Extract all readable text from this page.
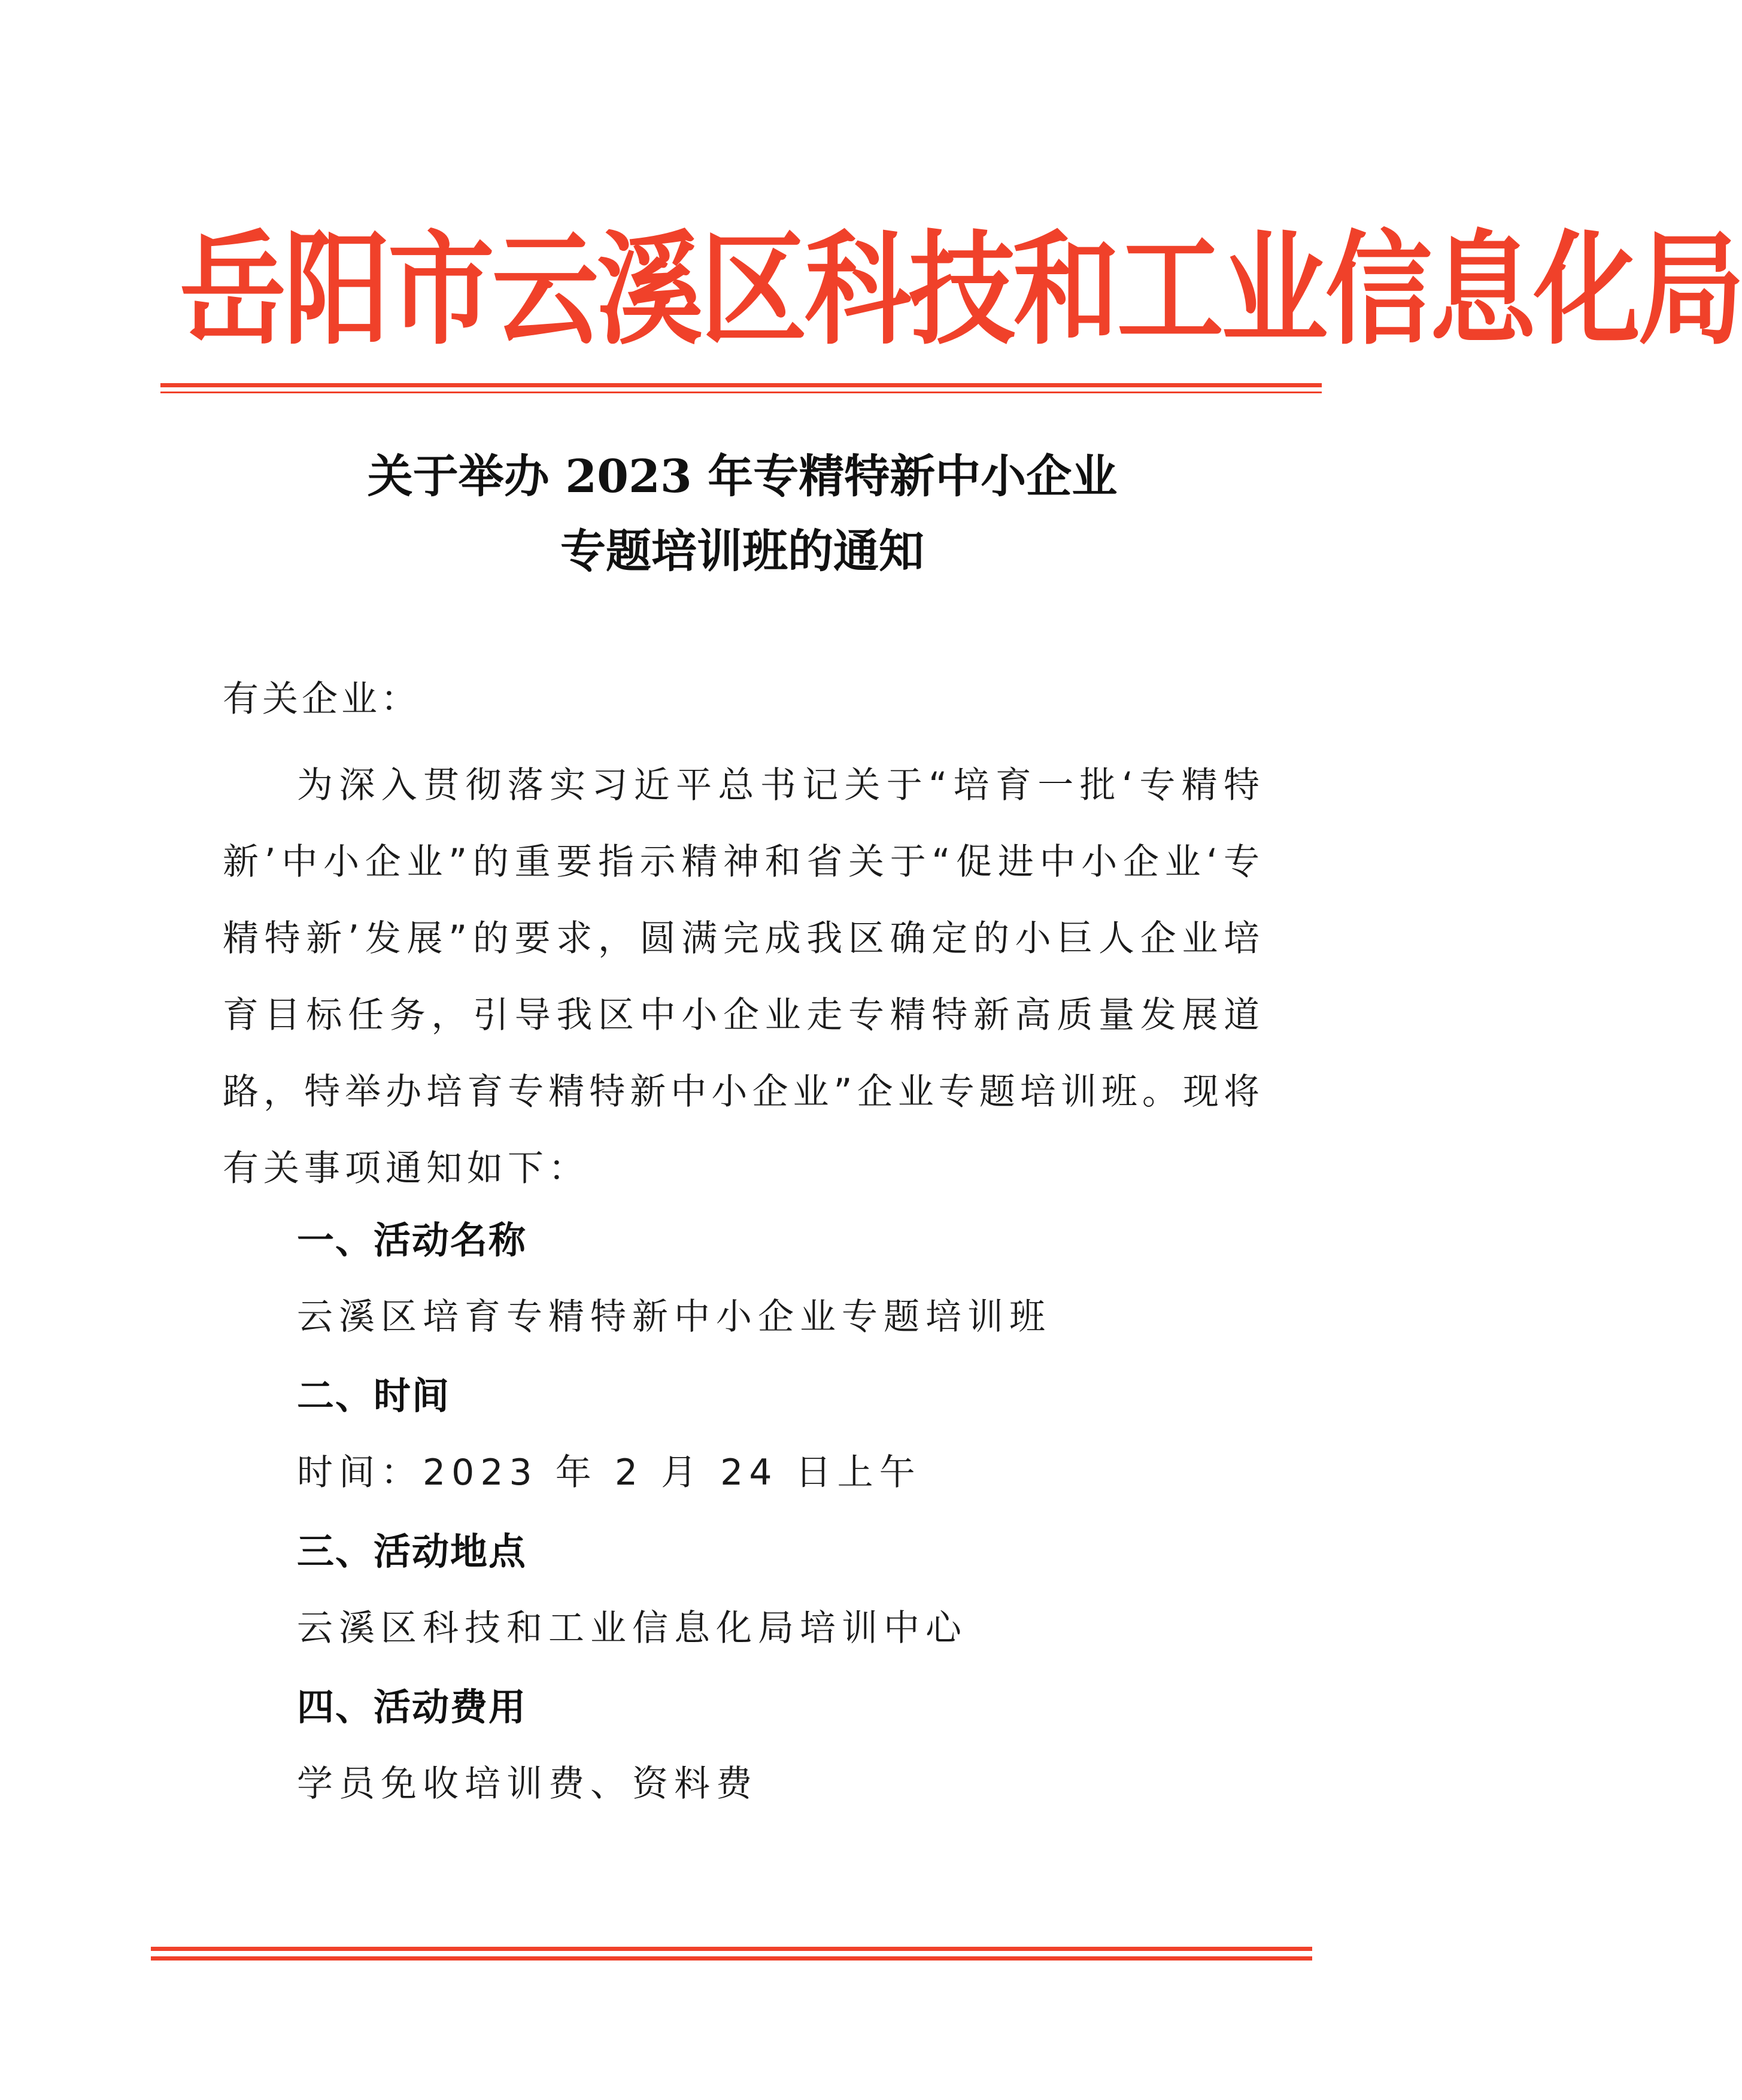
岳阳市云溪区科技和工业信息化局
关于举办 2023 年专精特新中小企业
专题培训班的通知
有关企业：
为深入贯彻落实习近平总书记关于“培育一批‘专精特新’中小企业”的重要指示精神和省关于“促进中小企业‘专精特新’发展”的要求，圆满完成我区确定的小巨人企业培育目标任务，引导我区中小企业走专精特新高质量发展道路，特举办培育专精特新中小企业”企业专题培训班。现将有关事项通知如下：
一、活动名称
云溪区培育专精特新中小企业专题培训班
二、时间
时间：2023 年 2 月 24 日上午
三、活动地点
云溪区科技和工业信息化局培训中心
四、活动费用
学员免收培训费、资料费
